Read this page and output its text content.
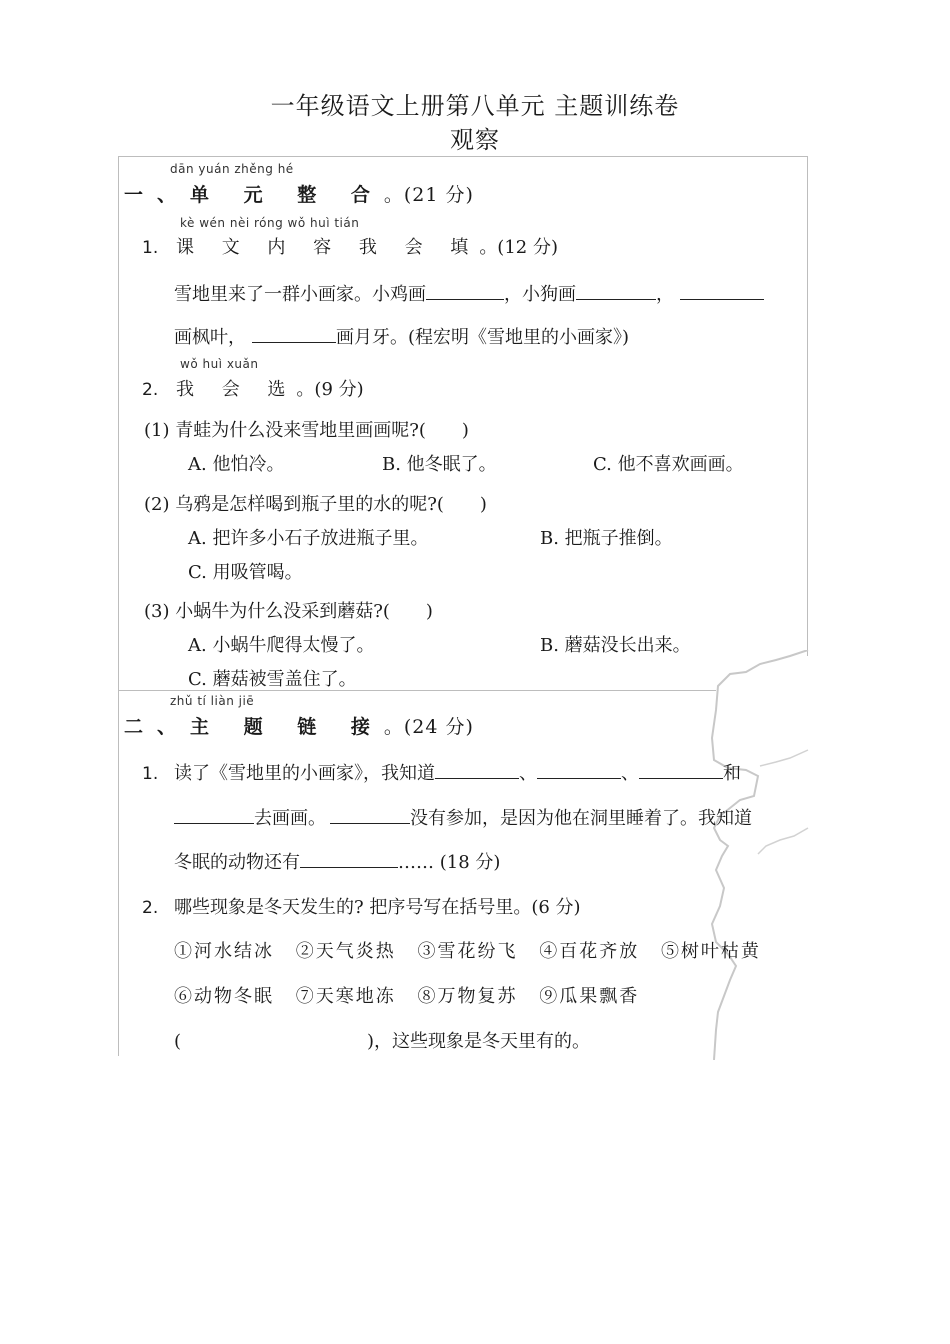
一年级语文上册第八单元 主题训练卷
观察
dān yuán zhěng hé
一、单 元 整 合。(21 分)
kè wén nèi róng wǒ huì tián
1. 课 文 内 容 我 会 填。(12 分)
雪地里来了一群小画家。小鸡画	，小狗画	，
画枫叶，	画月牙。(程宏明《雪地里的小画家》)
wǒ huì xuǎn
2. 我 会 选。(9 分)
(1) 青蛙为什么没来雪地里画画呢?(　　)
A. 他怕冷。	B. 他冬眠了。	C. 他不喜欢画画。
(2) 乌鸦是怎样喝到瓶子里的水的呢?(　　)
A. 把许多小石子放进瓶子里。	B. 把瓶子推倒。
C. 用吸管喝。
(3) 小蜗牛为什么没采到蘑菇?(　　)
A. 小蜗牛爬得太慢了。	B. 蘑菇没长出来。
C. 蘑菇被雪盖住了。
zhǔ tí liàn jiē
二、主 题 链 接。(24 分)
1. 读了《雪地里的小画家》，我知道	、	、	和
去画画。	没有参加，是因为他在洞里睡着了。我知道
冬眠的动物还有	…… (18 分)
2. 哪些现象是冬天发生的? 把序号写在括号里。(6 分)
①河水结冰 ②天气炎热 ③雪花纷飞 ④百花齐放 ⑤树叶枯黄
⑥动物冬眠 ⑦天寒地冻 ⑧万物复苏 ⑨瓜果飘香
(	)，这些现象是冬天里有的。
